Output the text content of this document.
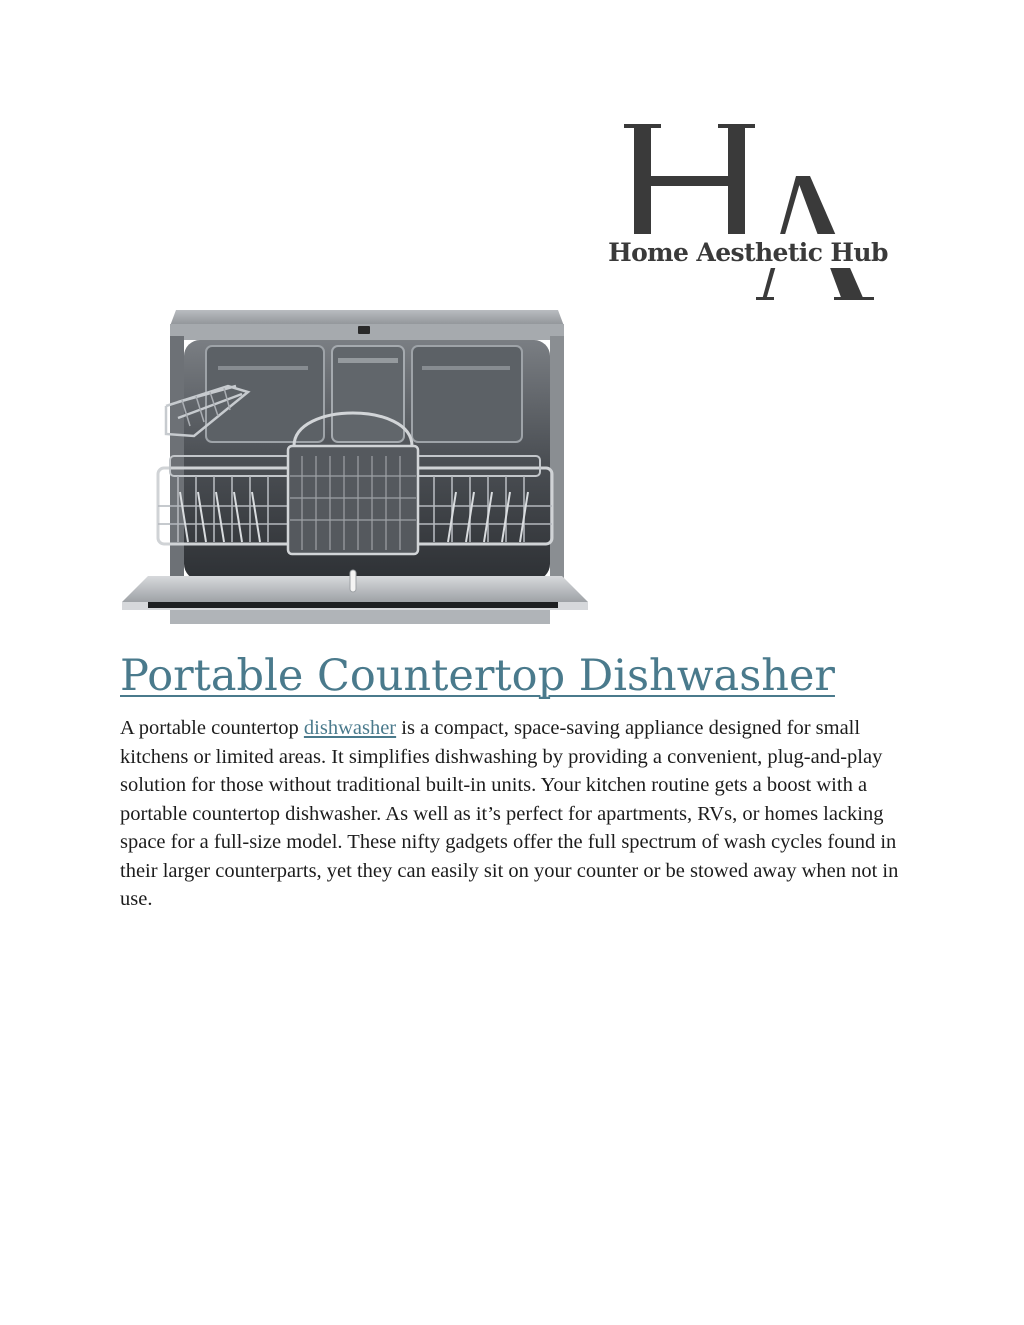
Home Aesthetic Hub
Portable Countertop Dishwasher

A portable countertop dishwasher is a compact, space-saving appliance designed for small kitchens or limited areas. It simplifies dishwashing by providing a convenient, plug-and-play solution for those without traditional built-in units. Your kitchen routine gets a boost with a portable countertop dishwasher. As well as it’s perfect for apartments, RVs, or homes lacking space for a full-size model. These nifty gadgets offer the full spectrum of wash cycles found in their larger counterparts, yet they can easily sit on your counter or be stowed away when not in use.
